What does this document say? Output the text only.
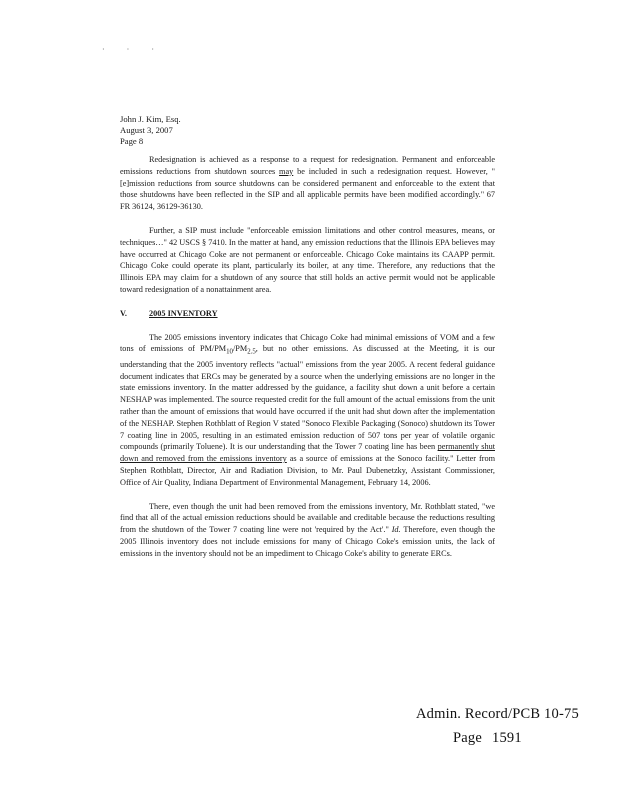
· · ·
John J. Kim, Esq.
August 3, 2007
Page 8

Redesignation is achieved as a response to a request for redesignation. Permanent and enforceable emissions reductions from shutdown sources may be included in such a redesignation request. However, "[e]mission reductions from source shutdowns can be considered permanent and enforceable to the extent that those shutdowns have been reflected in the SIP and all applicable permits have been modified accordingly." 67 FR 36124, 36129-36130.

Further, a SIP must include "enforceable emission limitations and other control measures, means, or techniques…" 42 USCS § 7410. In the matter at hand, any emission reductions that the Illinois EPA believes may have occurred at Chicago Coke are not permanent or enforceable. Chicago Coke maintains its CAAPP permit. Chicago Coke could operate its plant, particularly its boiler, at any time. Therefore, any reductions that the Illinois EPA may claim for a shutdown of any source that still holds an active permit would not be applicable toward redesignation of a nonattainment area.

V.	2005 INVENTORY

The 2005 emissions inventory indicates that Chicago Coke had minimal emissions of VOM and a few tons of emissions of $PM/PM_{10}/PM_{2.5}$, but no other emissions. As discussed at the Meeting, it is our understanding that the 2005 inventory reflects "actual" emissions from the year 2005. A recent federal guidance document indicates that ERCs may be generated by a source when the underlying emissions are no longer in the state emissions inventory. In the matter addressed by the guidance, a facility shut down a unit before a certain NESHAP was implemented. The source requested credit for the full amount of the actual emissions from the unit rather than the amount of emissions that would have occurred if the unit had shut down after the implementation of the NESHAP. Stephen Rothblatt of Region V stated "Sonoco Flexible Packaging (Sonoco) shutdown its Tower 7 coating line in 2005, resulting in an estimated emission reduction of 507 tons per year of volatile organic compounds (primarily Toluene). It is our understanding that the Tower 7 coating line has been permanently shut down and removed from the emissions inventory as a source of emissions at the Sonoco facility." Letter from Stephen Rothblatt, Director, Air and Radiation Division, to Mr. Paul Dubenetzky, Assistant Commissioner, Office of Air Quality, Indiana Department of Environmental Management, February 14, 2006.

There, even though the unit had been removed from the emissions inventory, Mr. Rothblatt stated, "we find that all of the actual emission reductions should be available and creditable because the reductions resulting from the shutdown of the Tower 7 coating line were not 'required by the Act'." Id. Therefore, even though the 2005 Illinois inventory does not include emissions for many of Chicago Coke's emission units, the lack of emissions in the inventory should not be an impediment to Chicago Coke's ability to generate ERCs.

Admin. Record/PCB 10-75
Page 1591
